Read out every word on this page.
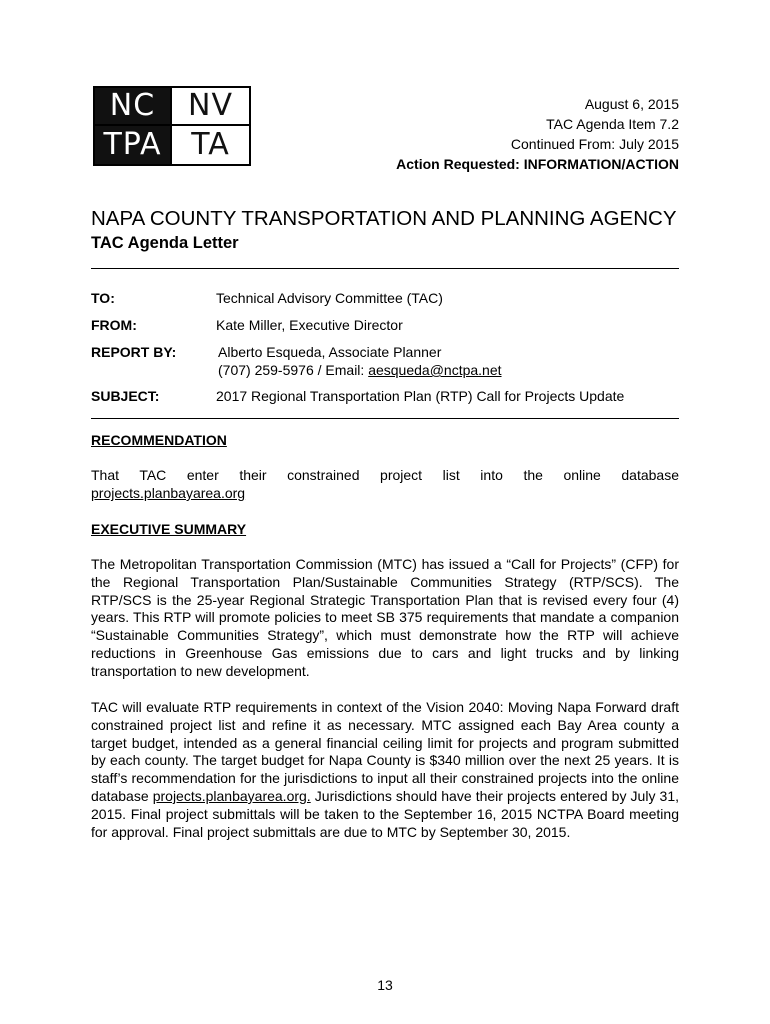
NC	NV
TPA TA
August 6, 2015
TAC Agenda Item 7.2
Continued From: July 2015
Action Requested: INFORMATION/ACTION
NAPA COUNTY TRANSPORTATION AND PLANNING AGENCY
TAC Agenda Letter
TO:	Technical Advisory Committee (TAC)
FROM:	Kate Miller, Executive Director
REPORT BY:	Alberto Esqueda, Associate Planner
(707) 259-5976 / Email: aesqueda@nctpa.net
SUBJECT:	2017 Regional Transportation Plan (RTP) Call for Projects Update
RECOMMENDATION
That TAC enter their constrained project list into the online database
projects.planbayarea.org
EXECUTIVE SUMMARY
The Metropolitan Transportation Commission (MTC) has issued a “Call for Projects” (CFP) for the Regional Transportation Plan/Sustainable Communities Strategy (RTP/SCS). The RTP/SCS is the 25-year Regional Strategic Transportation Plan that is revised every four (4) years. This RTP will promote policies to meet SB 375 requirements that mandate a companion “Sustainable Communities Strategy”, which must demonstrate how the RTP will achieve reductions in Greenhouse Gas emissions due to cars and light trucks and by linking transportation to new development.
TAC will evaluate RTP requirements in context of the Vision 2040: Moving Napa Forward draft constrained project list and refine it as necessary. MTC assigned each Bay Area county a target budget, intended as a general financial ceiling limit for projects and program submitted by each county. The target budget for Napa County is $340 million over the next 25 years. It is staff’s recommendation for the jurisdictions to input all their constrained projects into the online database projects.planbayarea.org. Jurisdictions should have their projects entered by July 31, 2015. Final project submittals will be taken to the September 16, 2015 NCTPA Board meeting for approval. Final project submittals are due to MTC by September 30, 2015.
13
